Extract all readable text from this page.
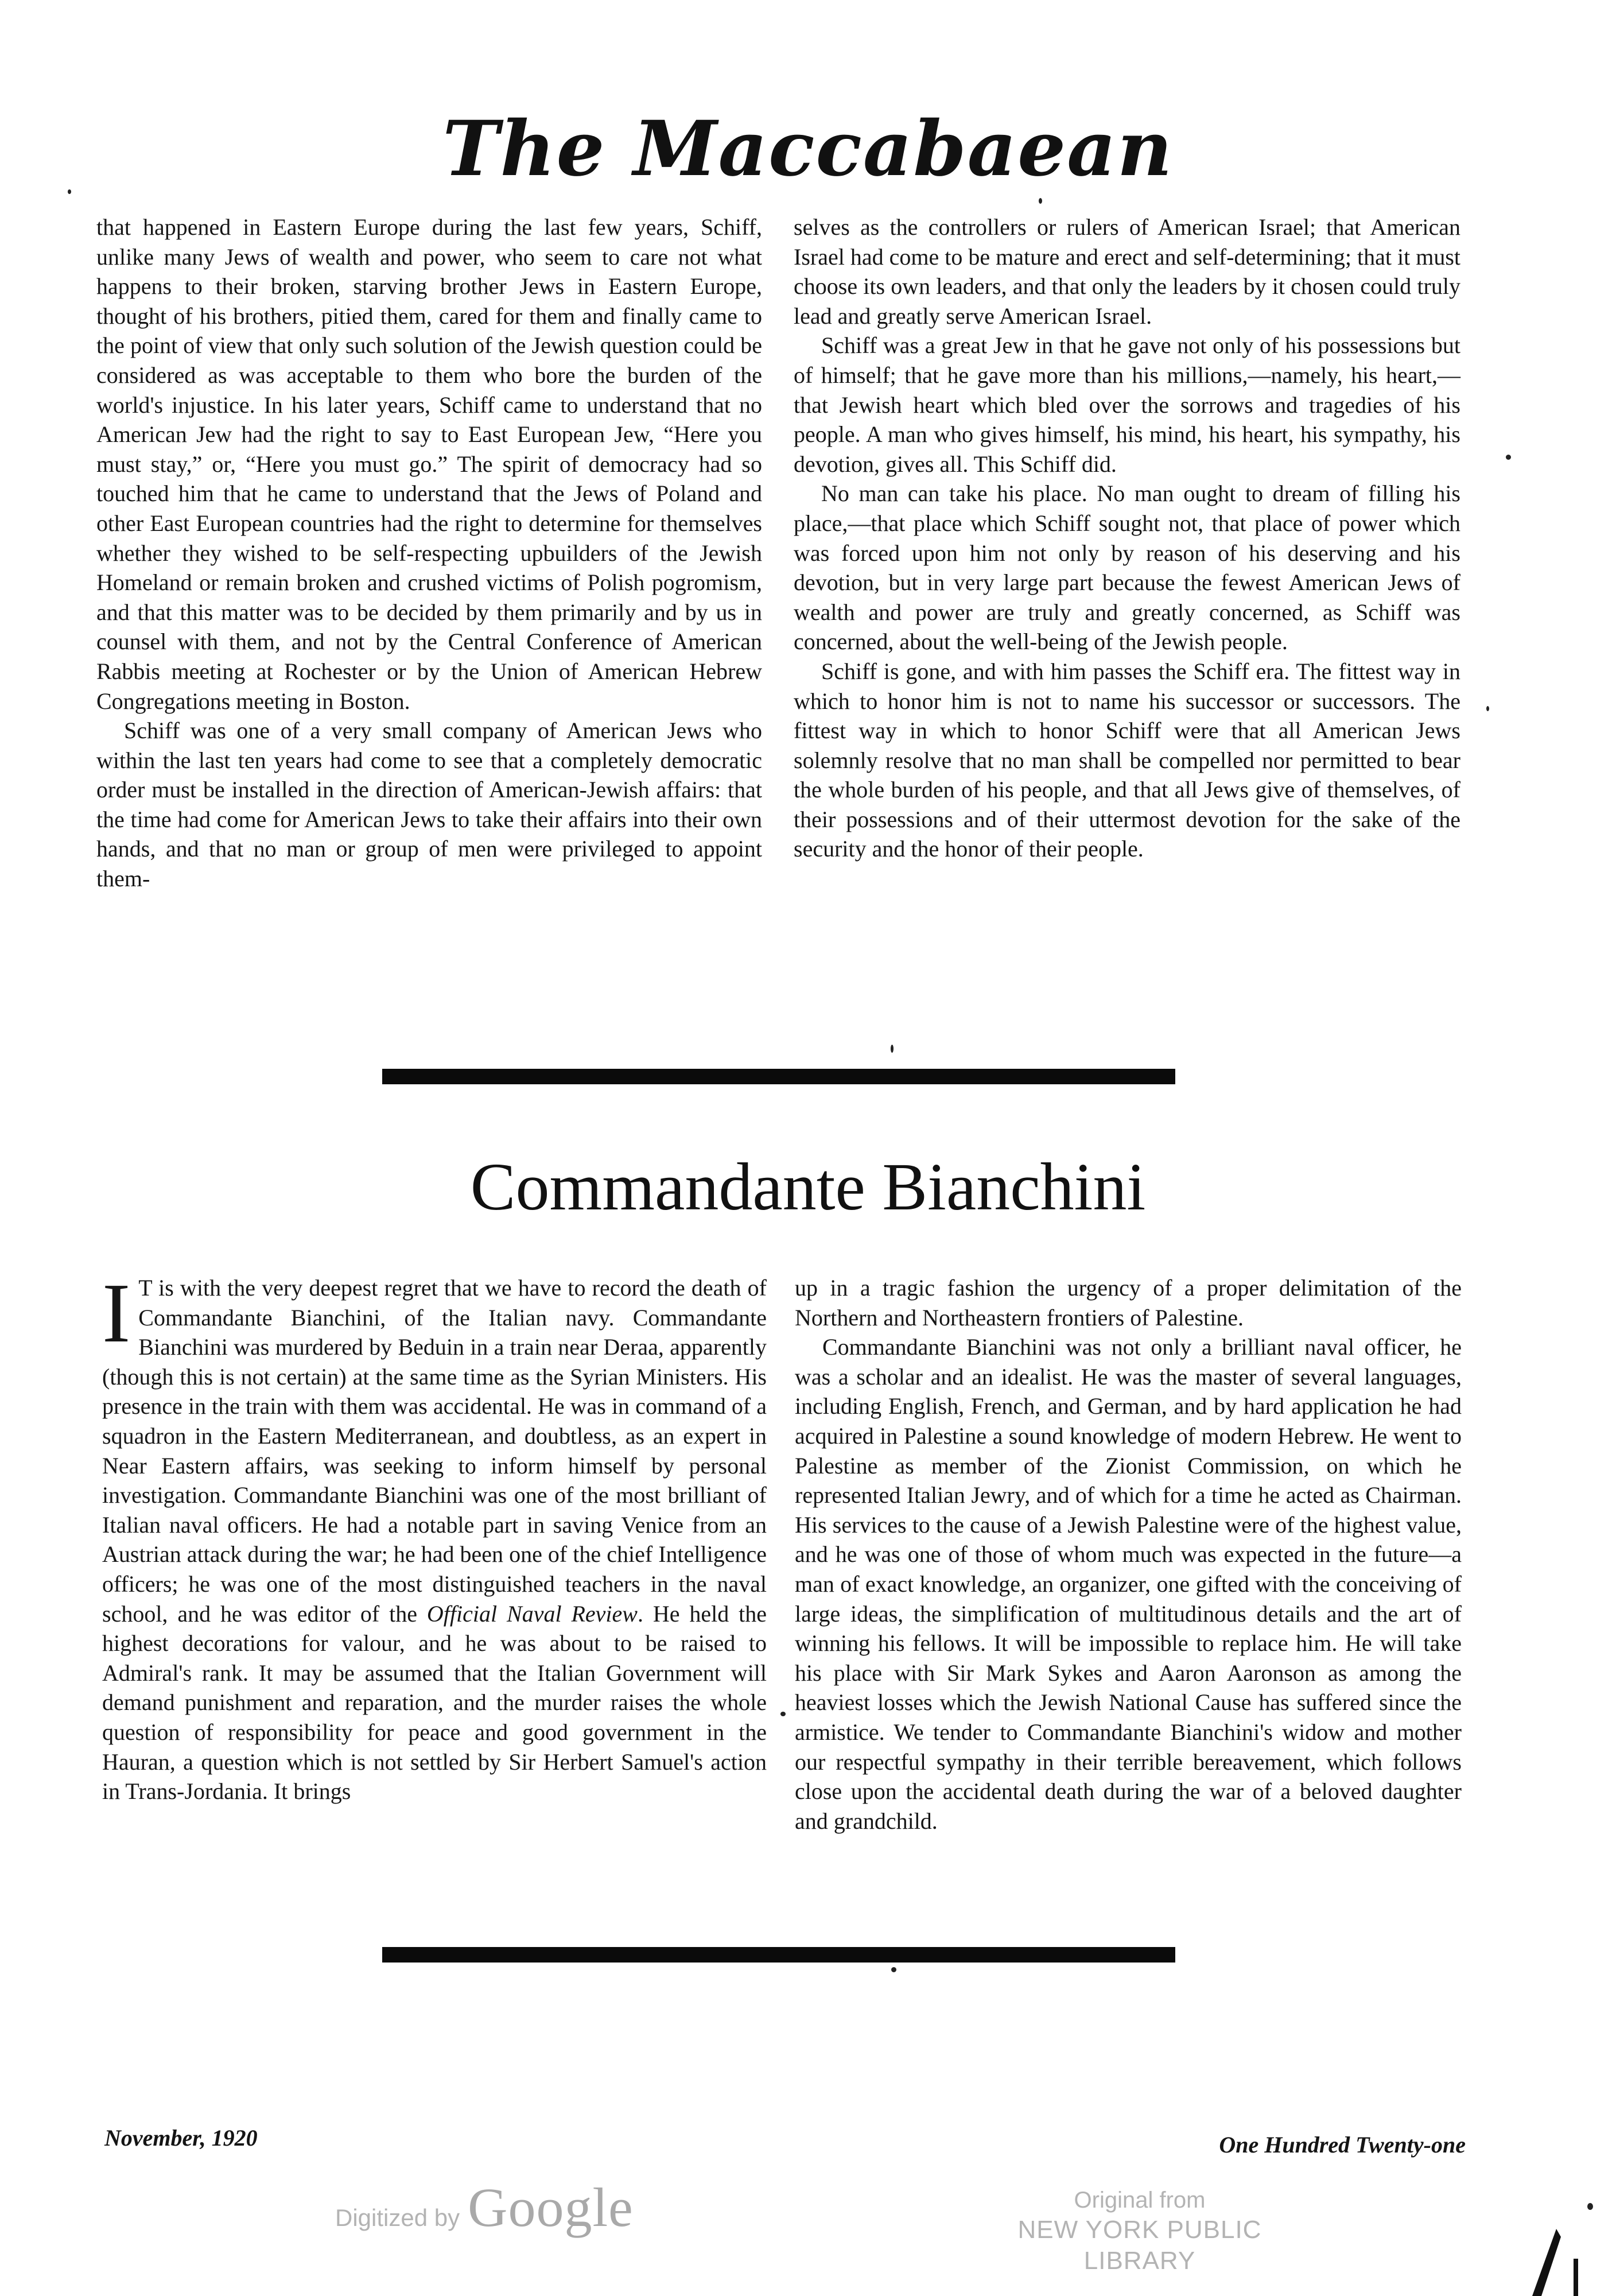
The Maccabaean

that happened in Eastern Europe during the last few years, Schiff, unlike many Jews of wealth and power, who seem to care not what happens to their broken, starving brother Jews in Eastern Europe, thought of his brothers, pitied them, cared for them and finally came to the point of view that only such solution of the Jewish question could be considered as was acceptable to them who bore the burden of the world's injustice. In his later years, Schiff came to understand that no American Jew had the right to say to East European Jew, “Here you must stay,” or, “Here you must go.” The spirit of democracy had so touched him that he came to understand that the Jews of Poland and other East European countries had the right to determine for themselves whether they wished to be self-respecting upbuilders of the Jewish Homeland or remain broken and crushed victims of Polish pogromism, and that this matter was to be decided by them primarily and by us in counsel with them, and not by the Central Conference of American Rabbis meeting at Rochester or by the Union of American Hebrew Congregations meeting in Boston.

Schiff was one of a very small company of American Jews who within the last ten years had come to see that a completely democratic order must be installed in the direction of American-Jewish affairs: that the time had come for American Jews to take their affairs into their own hands, and that no man or group of men were privileged to appoint them-

selves as the controllers or rulers of American Israel; that American Israel had come to be mature and erect and self-determining; that it must choose its own leaders, and that only the leaders by it chosen could truly lead and greatly serve American Israel.

Schiff was a great Jew in that he gave not only of his possessions but of himself; that he gave more than his millions,—namely, his heart,—that Jewish heart which bled over the sorrows and tragedies of his people. A man who gives himself, his mind, his heart, his sympathy, his devotion, gives all. This Schiff did.

No man can take his place. No man ought to dream of filling his place,—that place which Schiff sought not, that place of power which was forced upon him not only by reason of his deserving and his devotion, but in very large part because the fewest American Jews of wealth and power are truly and greatly concerned, as Schiff was concerned, about the well-being of the Jewish people.

Schiff is gone, and with him passes the Schiff era. The fittest way in which to honor him is not to name his successor or successors. The fittest way in which to honor Schiff were that all American Jews solemnly resolve that no man shall be compelled nor permitted to bear the whole burden of his people, and that all Jews give of themselves, of their possessions and of their uttermost devotion for the sake of the security and the honor of their people.

Commandante Bianchini

I T is with the very deepest regret that we have to record the death of Commandante Bianchini, of the Italian navy. Commandante Bianchini was murdered by Beduin in a train near Deraa, apparently (though this is not certain) at the same time as the Syrian Ministers. His presence in the train with them was accidental. He was in command of a squadron in the Eastern Mediterranean, and doubtless, as an expert in Near Eastern affairs, was seeking to inform himself by personal investigation. Commandante Bianchini was one of the most brilliant of Italian naval officers. He had a notable part in saving Venice from an Austrian attack during the war; he had been one of the chief Intelligence officers; he was one of the most distinguished teachers in the naval school, and he was editor of the Official Naval Review. He held the highest decorations for valour, and he was about to be raised to Admiral's rank. It may be assumed that the Italian Government will demand punishment and reparation, and the murder raises the whole question of responsibility for peace and good government in the Hauran, a question which is not settled by Sir Herbert Samuel's action in Trans-Jordania. It brings

up in a tragic fashion the urgency of a proper delimitation of the Northern and Northeastern frontiers of Palestine.

Commandante Bianchini was not only a brilliant naval officer, he was a scholar and an idealist. He was the master of several languages, including English, French, and German, and by hard application he had acquired in Palestine a sound knowledge of modern Hebrew. He went to Palestine as member of the Zionist Commission, on which he represented Italian Jewry, and of which for a time he acted as Chairman. His services to the cause of a Jewish Palestine were of the highest value, and he was one of those of whom much was expected in the future—a man of exact knowledge, an organizer, one gifted with the conceiving of large ideas, the simplification of multitudinous details and the art of winning his fellows. It will be impossible to replace him. He will take his place with Sir Mark Sykes and Aaron Aaronson as among the heaviest losses which the Jewish National Cause has suffered since the armistice. We tender to Commandante Bianchini's widow and mother our respectful sympathy in their terrible bereavement, which follows close upon the accidental death during the war of a beloved daughter and grandchild.

November, 1920	One Hundred Twenty-one
Digitized by Google	Original from
NEW YORK PUBLIC LIBRARY
